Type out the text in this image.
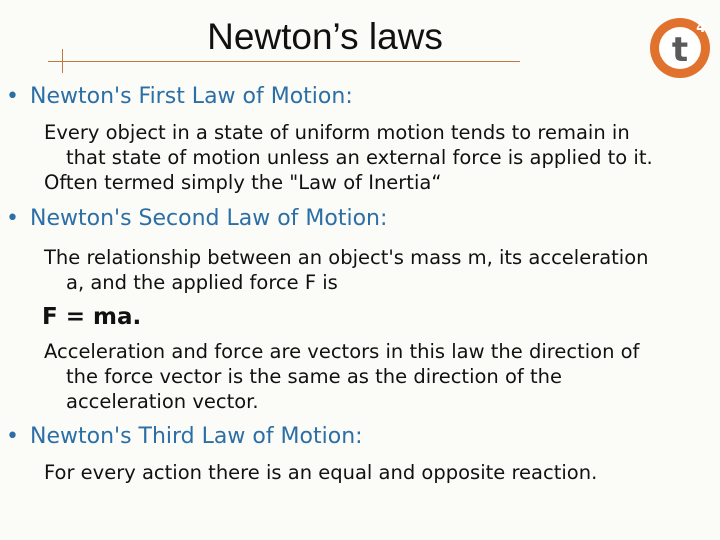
Newton’s laws	t
4
• Newton's First Law of Motion:
Every object in a state of uniform motion tends to remain in
that state of motion unless an external force is applied to it.
Often termed simply the "Law of Inertia“
• Newton's Second Law of Motion:
The relationship between an object's mass m, its acceleration
a, and the applied force F is
F = ma.
Acceleration and force are vectors in this law the direction of
the force vector is the same as the direction of the
acceleration vector.
• Newton's Third Law of Motion:
For every action there is an equal and opposite reaction.
